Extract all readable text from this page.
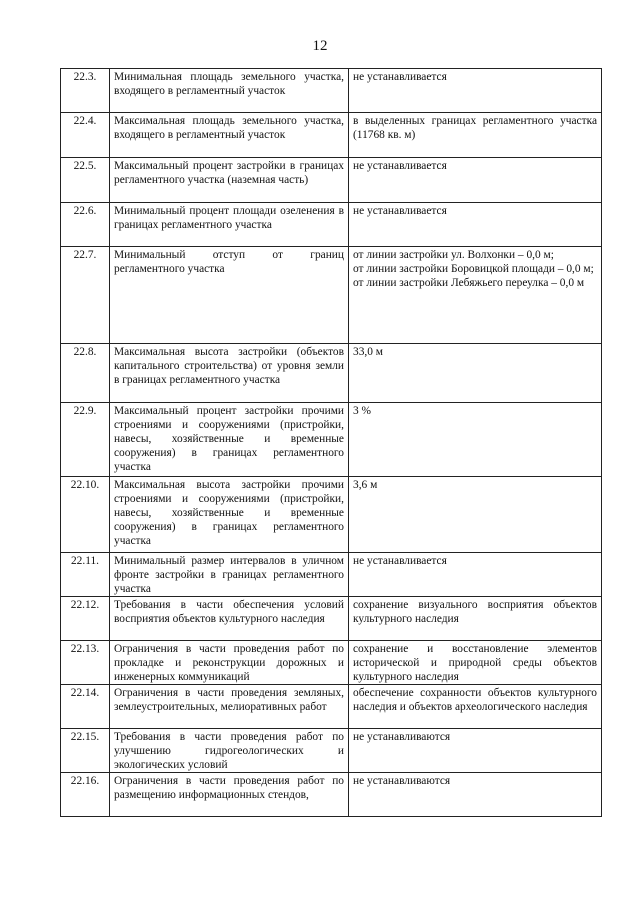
12
22.3.	Минимальная площадь земельного участка, входящего в регламентный участок	не устанавливается

22.4.	Максимальная площадь земельного участка, входящего в регламентный участок	в выделенных границах регламентного участка (11768 кв. м)

22.5.	Максимальный процент застройки в границах регламентного участка (наземная часть)	не устанавливается

22.6.	Минимальный процент площади озеленения в границах регламентного участка	не устанавливается

22.7.	Минимальный отступ от границ регламентного участка	от линии застройки ул. Волхонки – 0,0 м;
от линии застройки Боровицкой площади – 0,0 м;
от линии застройки Лебяжьего переулка – 0,0 м

22.8.	Максимальная высота застройки (объектов капитального строительства) от уровня земли в границах регламентного участка	33,0 м

22.9.	Максимальный процент застройки прочими строениями и сооружениями (пристройки, навесы, хозяйственные и временные сооружения) в границах регламентного участка	3 %

22.10.	Максимальная высота застройки прочими строениями и сооружениями (пристройки, навесы, хозяйственные и временные сооружения) в границах регламентного участка	3,6 м

22.11.	Минимальный размер интервалов в уличном фронте застройки в границах регламентного участка	не устанавливается

22.12.	Требования в части обеспечения условий восприятия объектов культурного наследия	сохранение визуального восприятия объектов культурного наследия

22.13.	Ограничения в части проведения работ по прокладке и реконструкции дорожных и инженерных коммуникаций	сохранение и восстановление элементов исторической и природной среды объектов культурного наследия

22.14.	Ограничения в части проведения земляных, землеустроительных, мелиоративных работ	обеспечение сохранности объектов культурного наследия и объектов археологического наследия

22.15.	Требования в части проведения работ по улучшению гидрогеологических и экологических условий	не устанавливаются

22.16.	Ограничения в части проведения работ по размещению информационных стендов,	не устанавливаются
